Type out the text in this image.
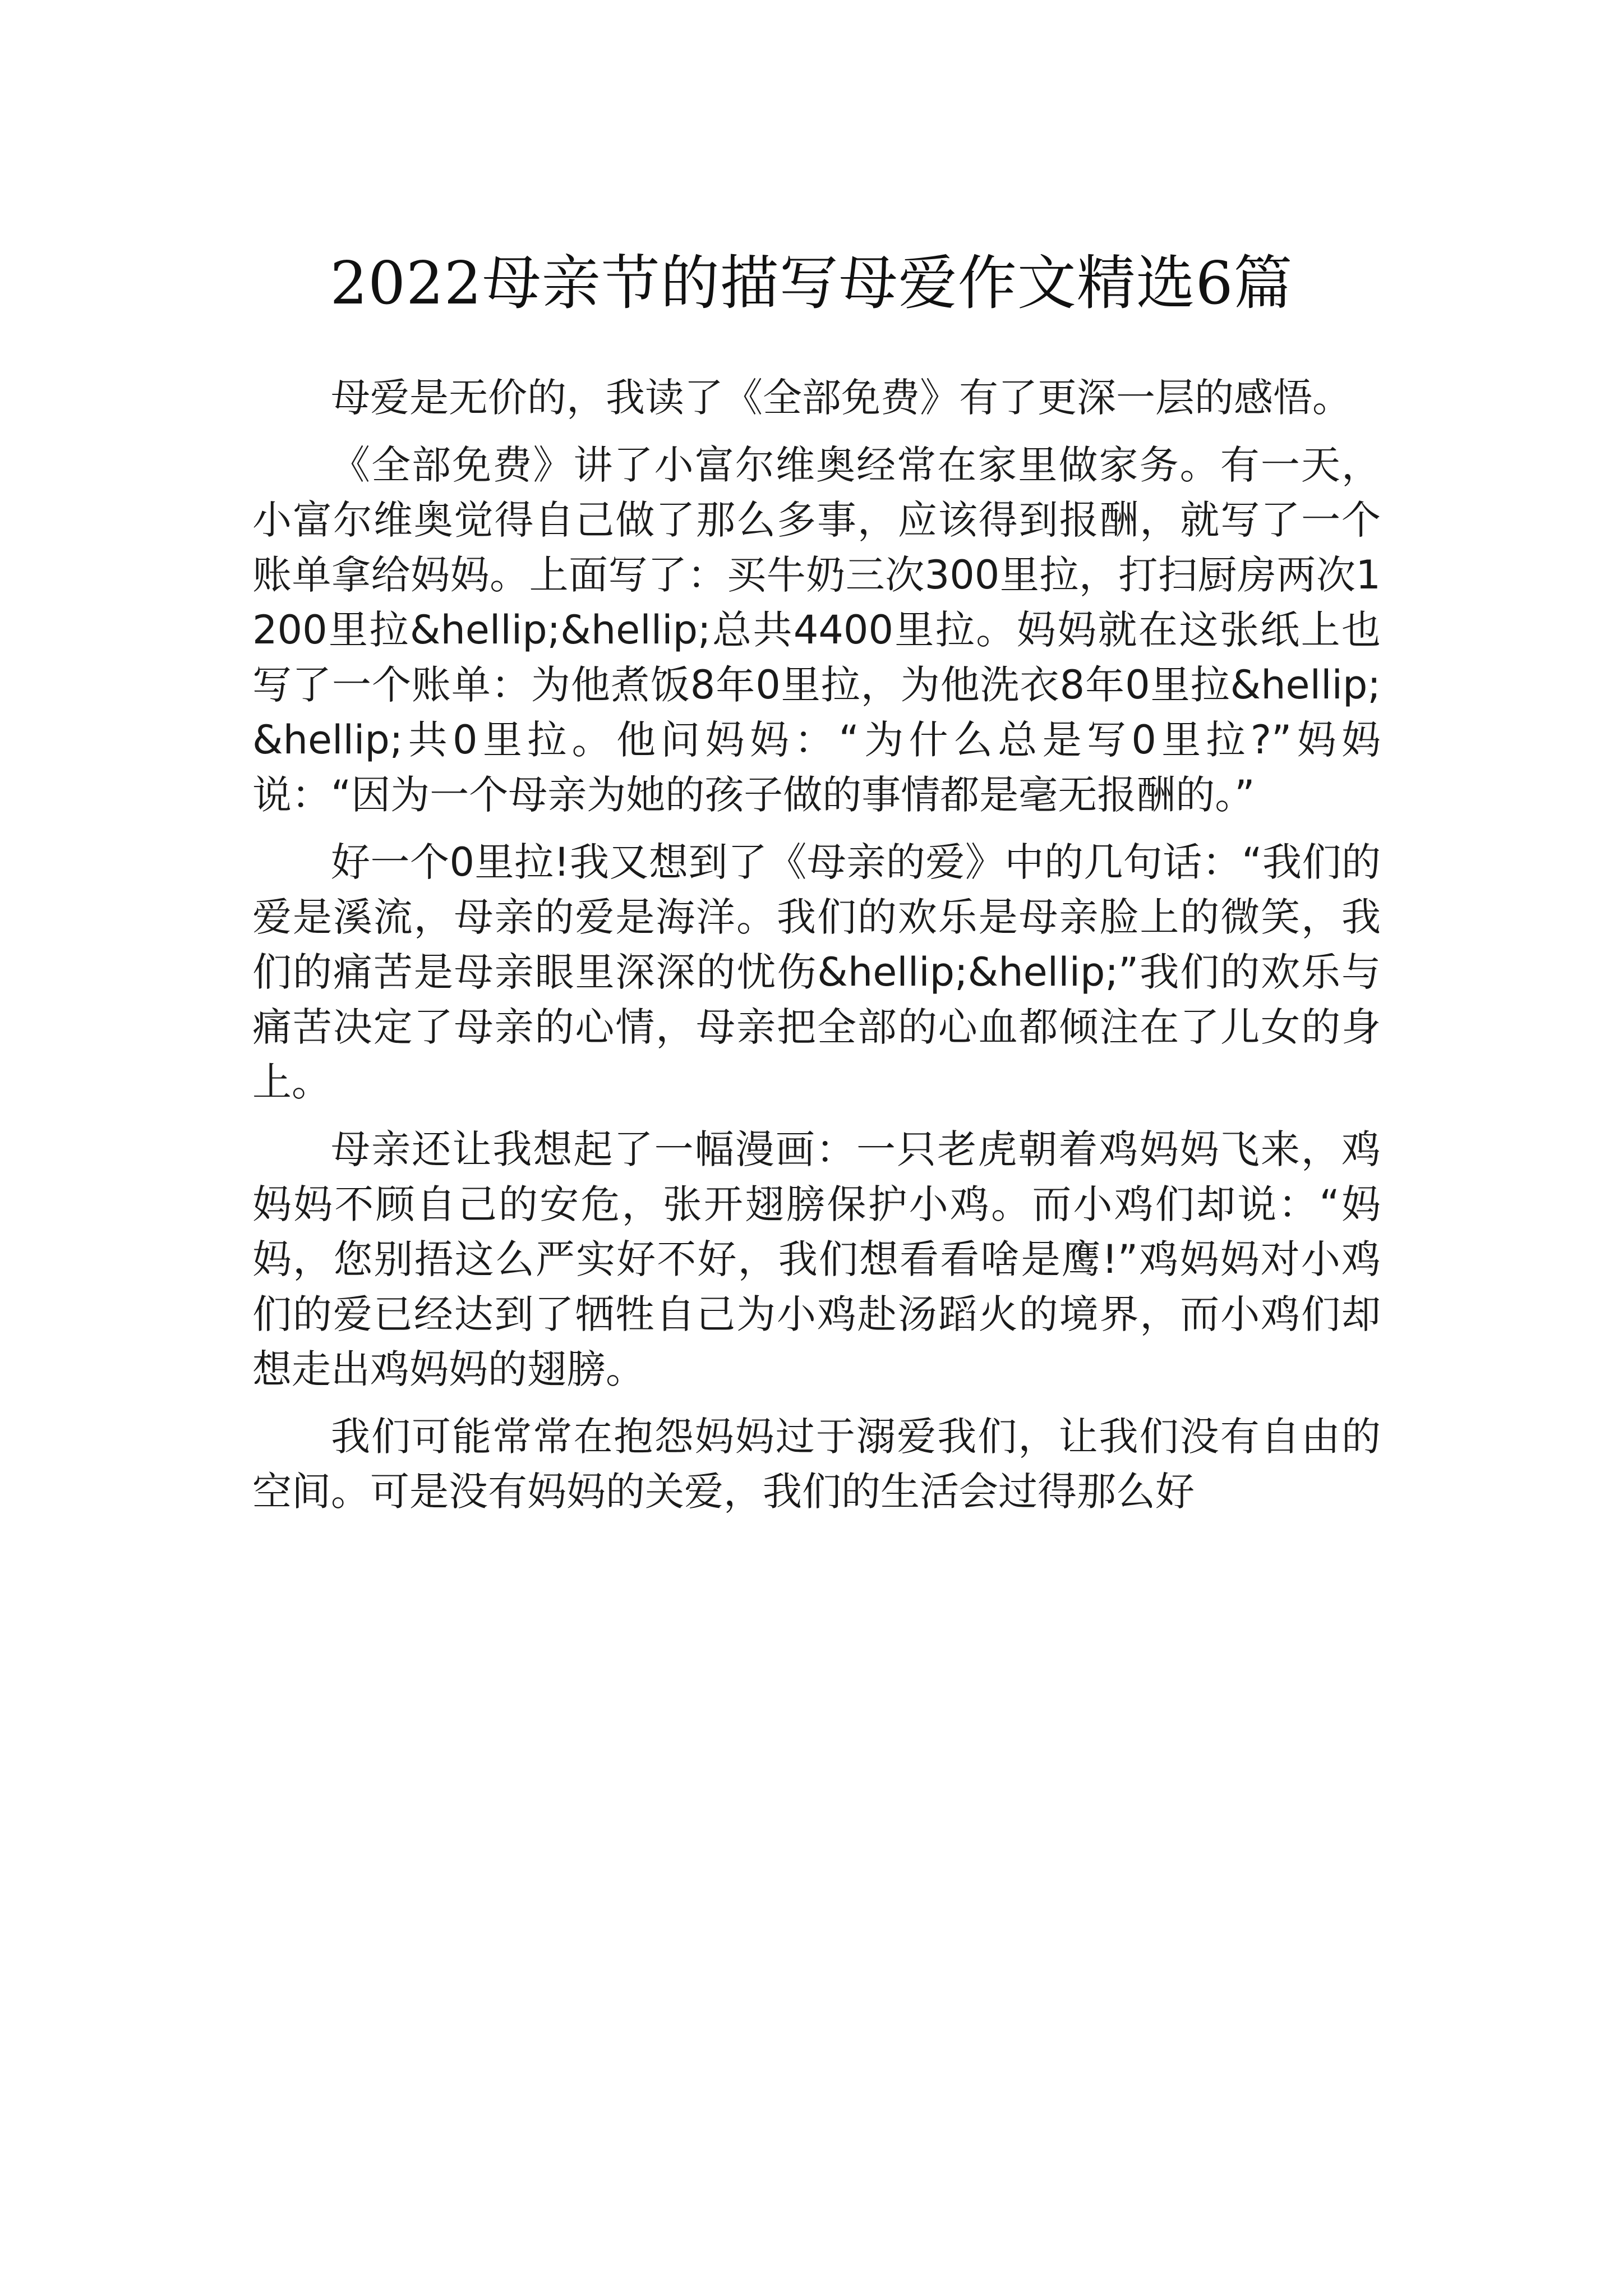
2022母亲节的描写母爱作文精选6篇

母爱是无价的，我读了《全部免费》有了更深一层的感悟。

《全部免费》讲了小富尔维奥经常在家里做家务。有一天，小富尔维奥觉得自己做了那么多事，应该得到报酬，就写了一个账单拿给妈妈。上面写了：买牛奶三次300里拉，打扫厨房两次1200里拉&hellip;&hellip;总共4400里拉。妈妈就在这张纸上也写了一个账单：为他煮饭8年0里拉，为他洗衣8年0里拉&hellip;&hellip;共0里拉。他问妈妈：“为什么总是写0里拉?”妈妈说：“因为一个母亲为她的孩子做的事情都是毫无报酬的。”

好一个0里拉!我又想到了《母亲的爱》中的几句话：“我们的爱是溪流，母亲的爱是海洋。我们的欢乐是母亲脸上的微笑，我们的痛苦是母亲眼里深深的忧伤&hellip;&hellip;”我们的欢乐与痛苦决定了母亲的心情，母亲把全部的心血都倾注在了儿女的身上。

母亲还让我想起了一幅漫画：一只老虎朝着鸡妈妈飞来，鸡妈妈不顾自己的安危，张开翅膀保护小鸡。而小鸡们却说：“妈妈，您别捂这么严实好不好，我们想看看啥是鹰!”鸡妈妈对小鸡们的爱已经达到了牺牲自己为小鸡赴汤蹈火的境界，而小鸡们却想走出鸡妈妈的翅膀。

我们可能常常在抱怨妈妈过于溺爱我们，让我们没有自由的空间。可是没有妈妈的关爱，我们的生活会过得那么好
